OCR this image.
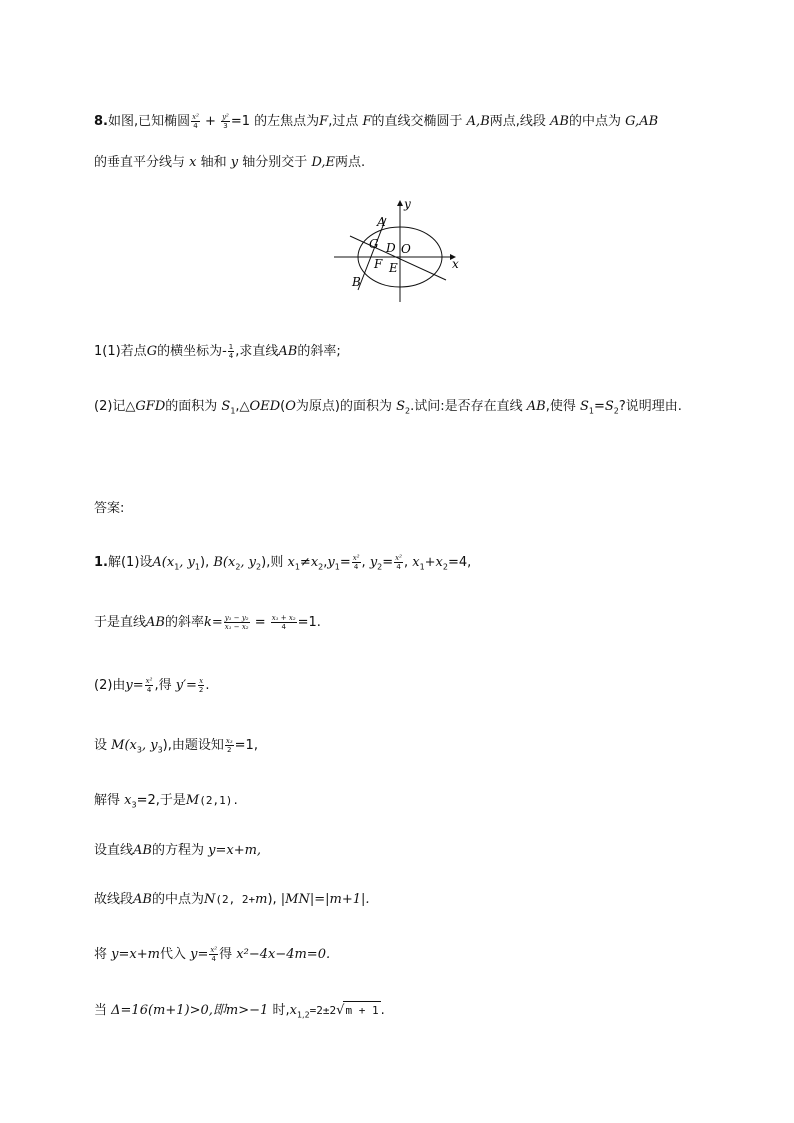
8.如图,已知椭圆 $\frac{\text{x²}}{4} + \frac{\text{y²}}{3} =1$ 的左焦点为F,过点 F的直线交椭圆于 A,B两点,线段 AB的中点为 G,AB
的垂直平分线与 x 轴和 y 轴分别交于 D,E两点.
A
G D O
F E
B
x
y
1(1)若点G的横坐标为- $\frac{1}{4}$ ,求直线AB的斜率;
(2)记△GFD的面积为 $S_1,\triangle OED(O$为原点)的面积为 $S_2$.试问:是否存在直线 AB,使得 $S_1=S_2$?说明理由.
答案:
1.解(1)设$A(x_1$, $y_1$), $B(x_2$, $y_2$),则 $x_1\ne x_2,y_1= \frac{\text{x²}}{4}$ , $y_2= \frac{\text{x²}}{4}$ , $x_1+x_2=4$,
于是直线AB的斜率$k= \frac{\text{y₁ − y₂}}{\text{x₁ − x₂}} = \frac{\text{x₁ + x₂}}{4} =1$.
(2)由$y= \frac{\text{x²}}{4}$ ,得 $y'= \frac{x}{2}$ .
设 $M(x_3$, $y_3$),由题设知 $\frac{\text{x₃}}{2} =1$,
解得 $x_3=2$,于是M(2,1).
设直线AB的方程为 y=x+m,
故线段AB的中点为N(2, 2+m), |MN|=|m+1|.
将 y=x+m代入 $y= \frac{\text{x²}}{4}$ 得 x²−4x−4m=0.
当 Δ=16(m+1)>0,即m>−1 时$,x_{1,2}=2\pm 2√m + 1$ .
